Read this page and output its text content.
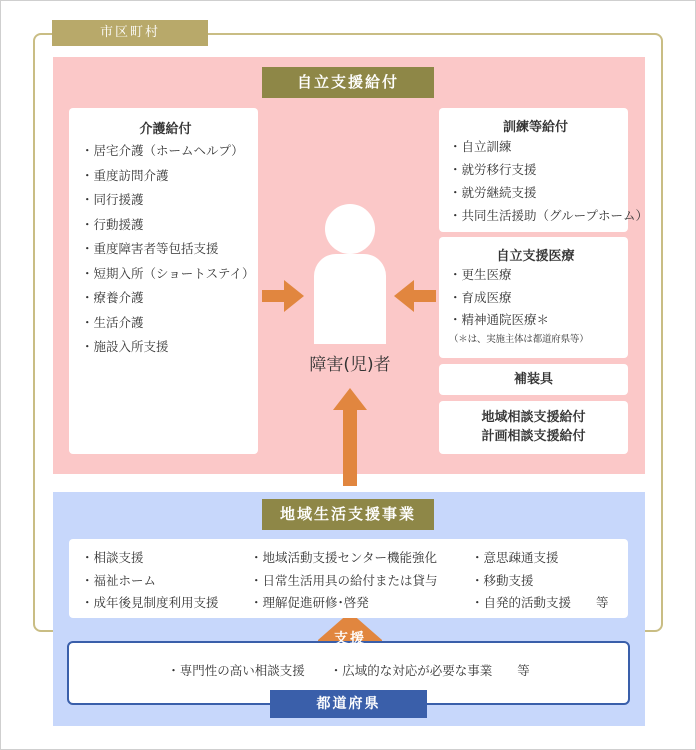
市区町村
自立支援給付
介護給付
・居宅介護（ホームヘルプ）
・重度訪問介護
・同行援護
・行動援護
・重度障害者等包括支援
・短期入所（ショートステイ）
・療養介護
・生活介護
・施設入所支援
訓練等給付
・自立訓練
・就労移行支援
・就労継続支援
・共同生活援助（グループホーム）
自立支援医療
・更生医療
・育成医療
・精神通院医療＊
（＊は、実施主体は都道府県等）
補装具
地域相談支援給付
計画相談支援給付
障害(児)者
地域生活支援事業
・相談支援
・福祉ホーム
・成年後見制度利用支援
・地域活動支援センター機能強化
・日常生活用具の給付または貸与
・理解促進研修･啓発
・意思疎通支援
・移動支援
・自発的活動支援　　等
・専門性の高い相談支援　　・広域的な対応が必要な事業　　等
支援
都道府県
